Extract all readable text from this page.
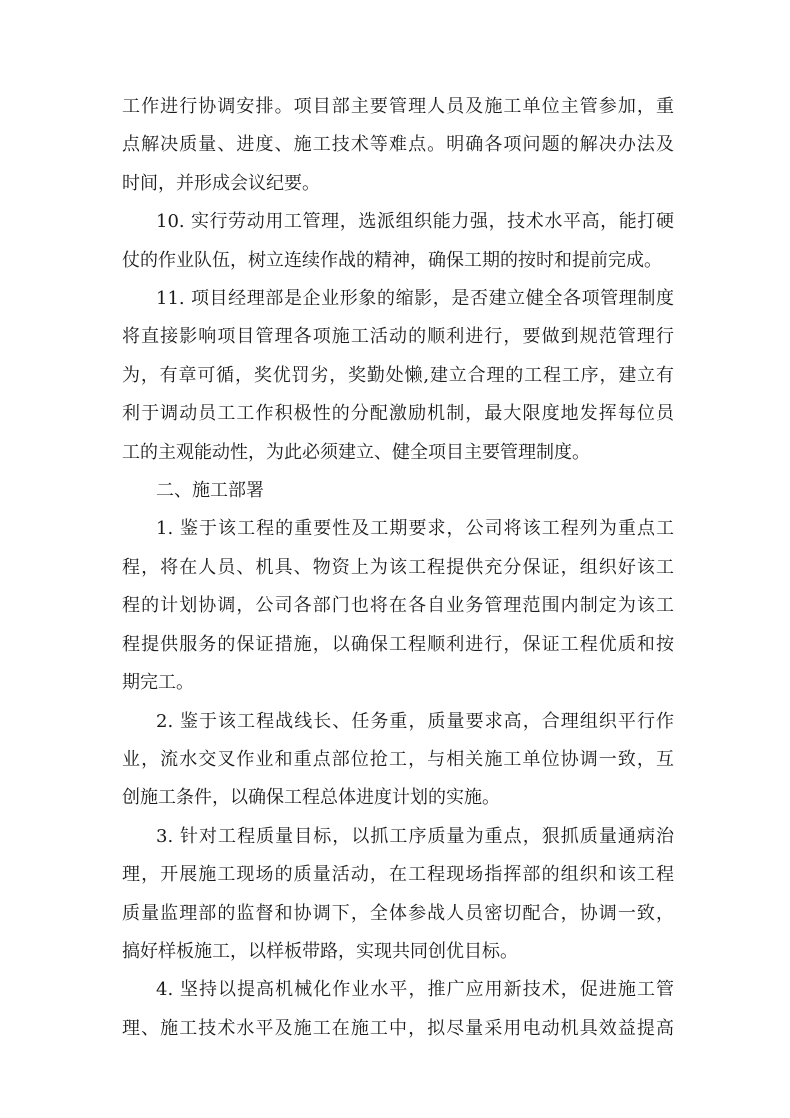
工作进行协调安排。项目部主要管理人员及施工单位主管参加，重
点解决质量、进度、施工技术等难点。明确各项问题的解决办法及
时间，并形成会议纪要。
10. 实行劳动用工管理，选派组织能力强，技术水平高，能打硬
仗的作业队伍，树立连续作战的精神，确保工期的按时和提前完成。
11. 项目经理部是企业形象的缩影，是否建立健全各项管理制度
将直接影响项目管理各项施工活动的顺利进行，要做到规范管理行
为，有章可循，奖优罚劣，奖勤处懒,建立合理的工程工序，建立有
利于调动员工工作积极性的分配激励机制，最大限度地发挥每位员
工的主观能动性，为此必须建立、健全项目主要管理制度。
二、施工部署
1. 鉴于该工程的重要性及工期要求，公司将该工程列为重点工
程，将在人员、机具、物资上为该工程提供充分保证，组织好该工
程的计划协调，公司各部门也将在各自业务管理范围内制定为该工
程提供服务的保证措施，以确保工程顺利进行，保证工程优质和按
期完工。
2. 鉴于该工程战线长、任务重，质量要求高，合理组织平行作
业，流水交叉作业和重点部位抢工，与相关施工单位协调一致，互
创施工条件，以确保工程总体进度计划的实施。
3. 针对工程质量目标，以抓工序质量为重点，狠抓质量通病治
理，开展施工现场的质量活动，在工程现场指挥部的组织和该工程
质量监理部的监督和协调下，全体参战人员密切配合，协调一致，
搞好样板施工，以样板带路，实现共同创优目标。
4. 坚持以提高机械化作业水平，推广应用新技术，促进施工管
理、施工技术水平及施工在施工中，拟尽量采用电动机具效益提高
